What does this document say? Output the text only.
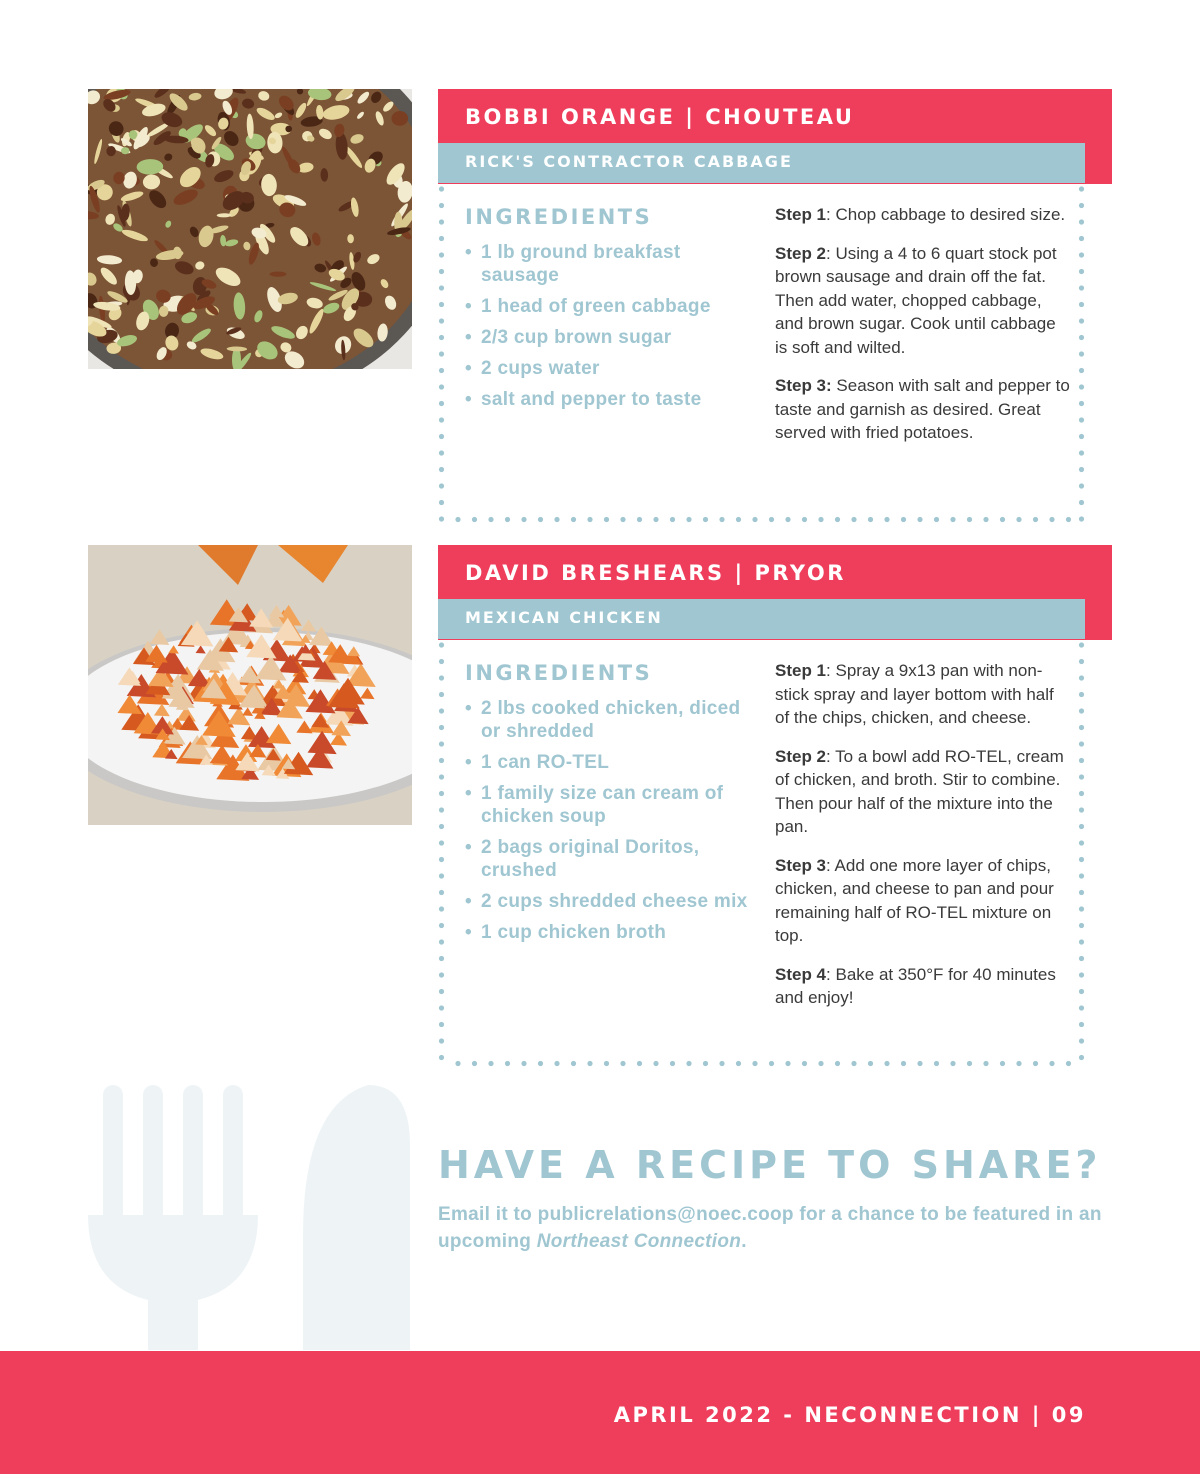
BOBBI ORANGE | CHOUTEAU
RICK'S CONTRACTOR CABBAGE
INGREDIENTS
• 1 lb ground breakfast sausage
• 1 head of green cabbage
• 2/3 cup brown sugar
• 2 cups water
• salt and pepper to taste

Step 1: Chop cabbage to desired size.

Step 2: Using a 4 to 6 quart stock pot brown sausage and drain off the fat. Then add water, chopped cabbage, and brown sugar. Cook until cabbage is soft and wilted.

Step 3: Season with salt and pepper to taste and garnish as desired. Great served with fried potatoes.

DAVID BRESHEARS | PRYOR
MEXICAN CHICKEN
INGREDIENTS
• 2 lbs cooked chicken, diced or shredded
• 1 can RO-TEL
• 1 family size can cream of chicken soup
• 2 bags original Doritos, crushed
• 2 cups shredded cheese mix
• 1 cup chicken broth

Step 1: Spray a 9x13 pan with non-stick spray and layer bottom with half of the chips, chicken, and cheese.

Step 2: To a bowl add RO-TEL, cream of chicken, and broth. Stir to combine. Then pour half of the mixture into the pan.

Step 3: Add one more layer of chips, chicken, and cheese to pan and pour remaining half of RO-TEL mixture on top.

Step 4: Bake at 350°F for 40 minutes and enjoy!

HAVE A RECIPE TO SHARE?

Email it to publicrelations@noec.coop for a chance to be featured in an upcoming Northeast Connection.

APRIL 2022 - NECONNECTION | 09
